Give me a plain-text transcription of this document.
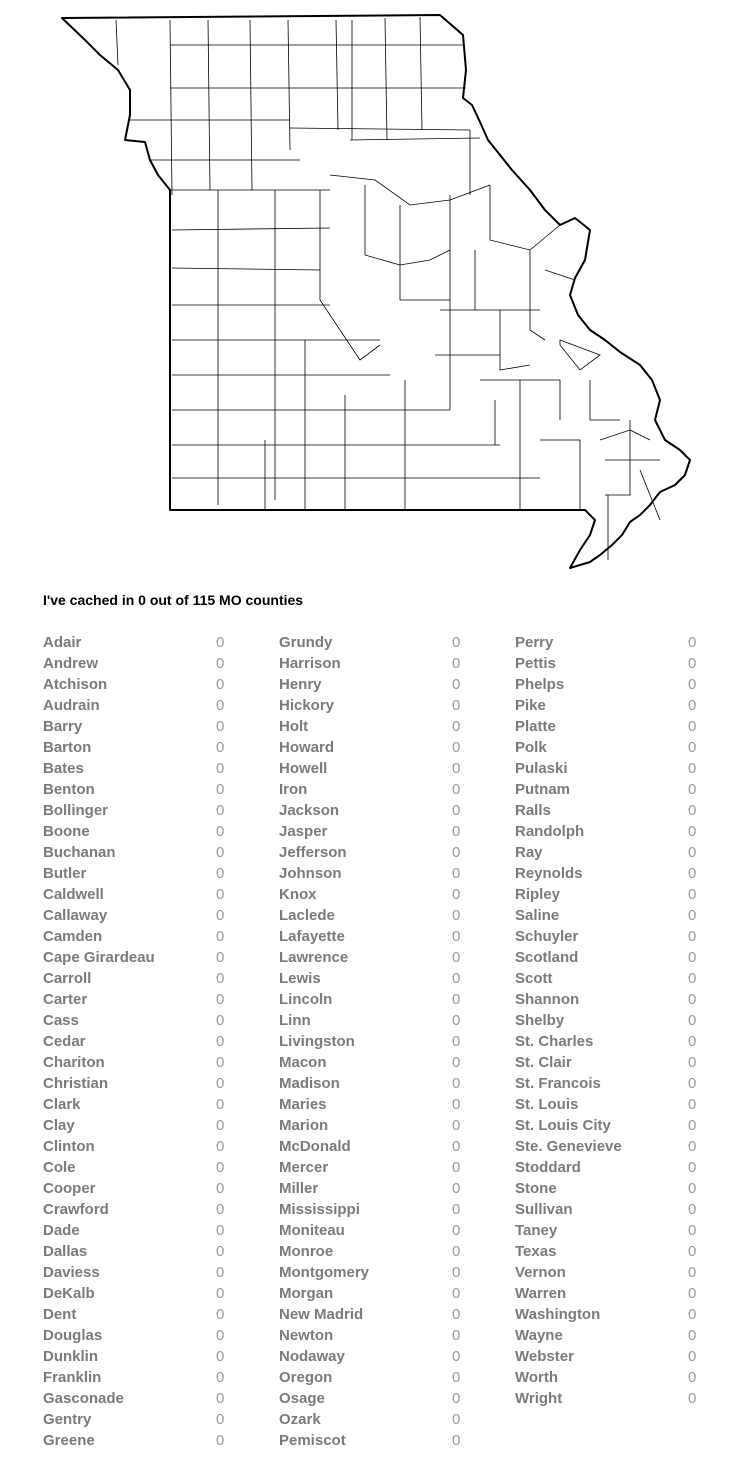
I've cached in 0 out of 115 MO counties
Adair	0
Andrew	0
Atchison	0
Audrain	0
Barry	0
Barton	0
Bates	0
Benton	0
Bollinger	0
Boone	0
Buchanan	0
Butler	0
Caldwell	0
Callaway	0
Camden	0
Cape Girardeau	0
Carroll	0
Carter	0
Cass	0
Cedar	0
Chariton	0
Christian	0
Clark	0
Clay	0
Clinton	0
Cole	0
Cooper	0
Crawford	0
Dade	0
Dallas	0
Daviess	0
DeKalb	0
Dent	0
Douglas	0
Dunklin	0
Franklin	0
Gasconade	0
Gentry	0
Greene	0
Grundy	0
Harrison	0
Henry	0
Hickory	0
Holt	0
Howard	0
Howell	0
Iron	0
Jackson	0
Jasper	0
Jefferson	0
Johnson	0
Knox	0
Laclede	0
Lafayette	0
Lawrence	0
Lewis	0
Lincoln	0
Linn	0
Livingston	0
Macon	0
Madison	0
Maries	0
Marion	0
McDonald	0
Mercer	0
Miller	0
Mississippi	0
Moniteau	0
Monroe	0
Montgomery	0
Morgan	0
New Madrid	0
Newton	0
Nodaway	0
Oregon	0
Osage	0
Ozark	0
Pemiscot	0
Perry	0
Pettis	0
Phelps	0
Pike	0
Platte	0
Polk	0
Pulaski	0
Putnam	0
Ralls	0
Randolph	0
Ray	0
Reynolds	0
Ripley	0
Saline	0
Schuyler	0
Scotland	0
Scott	0
Shannon	0
Shelby	0
St. Charles	0
St. Clair	0
St. Francois	0
St. Louis	0
St. Louis City	0
Ste. Genevieve	0
Stoddard	0
Stone	0
Sullivan	0
Taney	0
Texas	0
Vernon	0
Warren	0
Washington	0
Wayne	0
Webster	0
Worth	0
Wright	0
